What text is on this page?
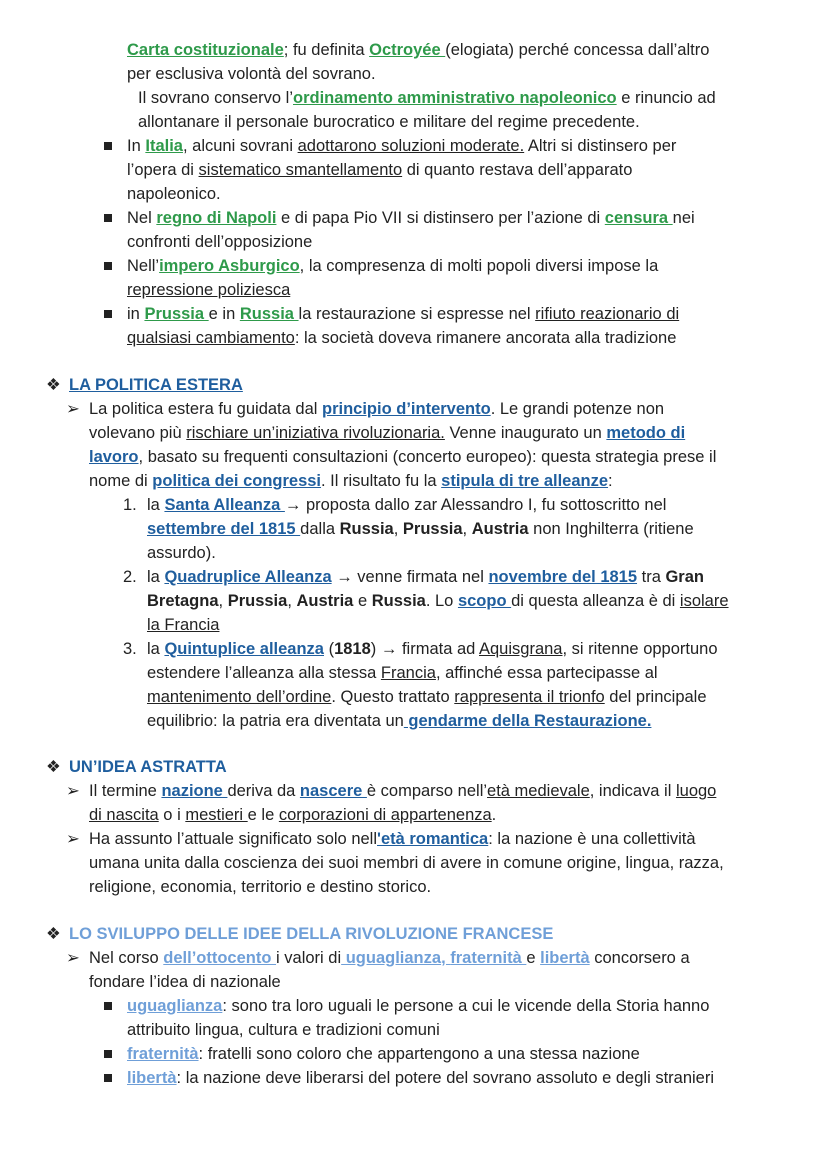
Carta costituzionale; fu definita Octroyée (elogiata) perché concessa dall’altro
per esclusiva volontà del sovrano.
Il sovrano conservo l’ordinamento amministrativo napoleonico e rinuncio ad
allontanare il personale burocratico e militare del regime precedente.
In Italia, alcuni sovrani adottarono soluzioni moderate. Altri si distinsero per
l’opera di sistematico smantellamento di quanto restava dell’apparato
napoleonico.
Nel regno di Napoli e di papa Pio VII si distinsero per l’azione di censura nei
confronti dell’opposizione
Nell’impero Asburgico, la compresenza di molti popoli diversi impose la
repressione poliziesca
in Prussia e in Russia la restaurazione si espresse nel rifiuto reazionario di
qualsiasi cambiamento: la società doveva rimanere ancorata alla tradizione
❖ LA POLITICA ESTERA
➢ La politica estera fu guidata dal principio d’intervento. Le grandi potenze non
volevano più rischiare un’iniziativa rivoluzionaria. Venne inaugurato un metodo di
lavoro, basato su frequenti consultazioni (concerto europeo): questa strategia prese il
nome di politica dei congressi. Il risultato fu la stipula di tre alleanze:
1. la Santa Alleanza → proposta dallo zar Alessandro I, fu sottoscritto nel
settembre del 1815 dalla Russia, Prussia, Austria non Inghilterra (ritiene
assurdo).
2. la Quadruplice Alleanza → venne firmata nel novembre del 1815 tra Gran
Bretagna, Prussia, Austria e Russia. Lo scopo di questa alleanza è di isolare
la Francia
3. la Quintuplice alleanza (1818) → firmata ad Aquisgrana, si ritenne opportuno
estendere l’alleanza alla stessa Francia, affinché essa partecipasse al
mantenimento dell’ordine. Questo trattato rappresenta il trionfo del principale
equilibrio: la patria era diventata un gendarme della Restaurazione.
❖ UN’IDEA ASTRATTA
➢ Il termine nazione deriva da nascere è comparso nell’età medievale, indicava il luogo
di nascita o i mestieri e le corporazioni di appartenenza.
➢ Ha assunto l’attuale significato solo nell'età romantica: la nazione è una collettività
umana unita dalla coscienza dei suoi membri di avere in comune origine, lingua, razza,
religione, economia, territorio e destino storico.
❖ LO SVILUPPO DELLE IDEE DELLA RIVOLUZIONE FRANCESE
➢ Nel corso dell’ottocento i valori di uguaglianza, fraternità e libertà concorsero a
fondare l’idea di nazionale
uguaglianza: sono tra loro uguali le persone a cui le vicende della Storia hanno
attribuito lingua, cultura e tradizioni comuni
fraternità: fratelli sono coloro che appartengono a una stessa nazione
libertà: la nazione deve liberarsi del potere del sovrano assoluto e degli stranieri
